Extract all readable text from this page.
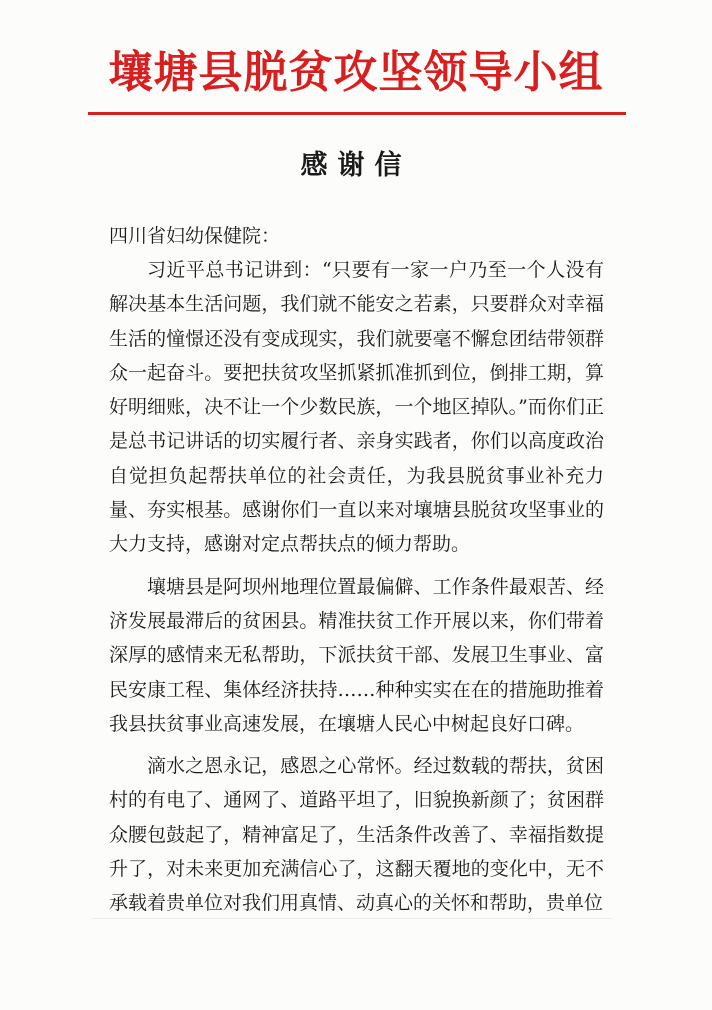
壤塘县脱贫攻坚领导小组
感谢信
四川省妇幼保健院：

习近平总书记讲到：“只要有一家一户乃至一个人没有解决基本生活问题，我们就不能安之若素，只要群众对幸福生活的憧憬还没有变成现实，我们就要毫不懈怠团结带领群众一起奋斗。要把扶贫攻坚抓紧抓准抓到位，倒排工期，算好明细账，决不让一个少数民族，一个地区掉队。”而你们正是总书记讲话的切实履行者、亲身实践者，你们以高度政治自觉担负起帮扶单位的社会责任，为我县脱贫事业补充力量、夯实根基。感谢你们一直以来对壤塘县脱贫攻坚事业的大力支持，感谢对定点帮扶点的倾力帮助。

壤塘县是阿坝州地理位置最偏僻、工作条件最艰苦、经济发展最滞后的贫困县。精准扶贫工作开展以来，你们带着深厚的感情来无私帮助，下派扶贫干部、发展卫生事业、富民安康工程、集体经济扶持……种种实实在在的措施助推着我县扶贫事业高速发展，在壤塘人民心中树起良好口碑。

滴水之恩永记，感恩之心常怀。经过数载的帮扶，贫困村的有电了、通网了、道路平坦了，旧貌换新颜了；贫困群众腰包鼓起了，精神富足了，生活条件改善了、幸福指数提升了，对未来更加充满信心了，这翻天覆地的变化中，无不承载着贵单位对我们用真情、动真心的关怀和帮助，贵单位
